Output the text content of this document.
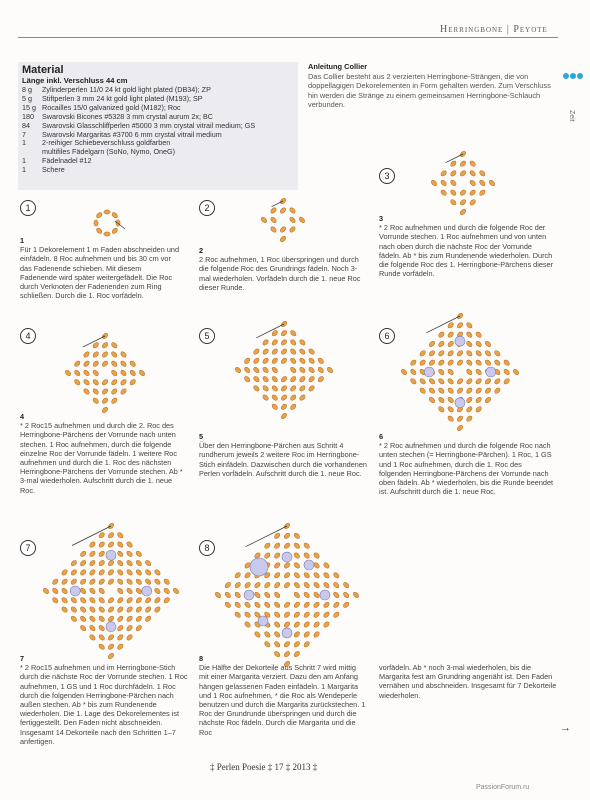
Herringbone | Peyote
Zeit
Material
Länge inkl. Verschluss 44 cm
8 g	Zylinderperlen 11/0 24 kt gold light plated (DB34); ZP
5 g	Stiftperlen 3 mm 24 kt gold light plated (M193); SP
15 g	Rocailles 15/0 galvanized gold (M182); Roc
180	Swarovski Bicones #5328 3 mm crystal aurum 2x; BC
84	Swarovski Glasschliffperlen #5000 3 mm crystal vitrail medium; GS
7	Swarovski Margaritas #3700 6 mm crystal vitrail medium
1	2-reihiger Schiebeverschluss goldfarben
	multifiles Fädelgarn (SoNo, Nymo, OneG)
1	Fädelnadel #12
1	Schere
Anleitung Collier
Das Collier besteht aus 2 verzierten Herringbone-Strängen, die von doppellagigen Dekorelementen in Form gehalten werden. Zum Verschluss hin werden die Stränge zu einem gemeinsamen Herringbone-Schlauch verbunden.
1	2
3
4	5	6
7	8
1
Für 1 Dekorelement 1 m Faden abschneiden und einfädeln. 8 Roc aufnehmen und bis 30 cm vor das Fadenende schieben. Mit diesem Fadenende wird später weitergefädelt. Die Roc durch Verknoten der Fadenenden zum Ring schließen. Durch die 1. Roc vorfädeln.
2
2 Roc aufnehmen, 1 Roc überspringen und durch die folgende Roc des Grundrings fädeln. Noch 3-mal wiederholen. Vorfädeln durch die 1. neue Roc dieser Runde.
3
* 2 Roc aufnehmen und durch die folgende Roc der Vorrunde stechen. 1 Roc aufnehmen und von unten nach oben durch die nächste Roc der Vorrunde fädeln. Ab * bis zum Rundenende wiederholen. Durch die folgende Roc des 1. Herringbone-Pärchens dieser Runde vorfädeln.
4
* 2 Roc15 aufnehmen und durch die 2. Roc des Herringbone-Pärchens der Vorrunde nach unten stechen. 1 Roc aufnehmen, durch die folgende einzelne Roc der Vorrunde fädeln. 1 weitere Roc aufnehmen und durch die 1. Roc des nächsten Herringbone-Pärchens der Vorrunde stechen. Ab * 3-mal wiederholen. Aufschritt durch die 1. neue Roc.
5
Über den Herringbone-Pärchen aus Schritt 4 rundherum jeweils 2 weitere Roc im Herringbone-Stich einfädeln. Dazwischen durch die vorhandenen Perlen vorfädeln. Aufschritt durch die 1. neue Roc.
6
* 2 Roc aufnehmen und durch die folgende Roc nach unten stechen (= Herringbone-Pärchen). 1 Roc, 1 GS und 1 Roc aufnehmen, durch die 1. Roc des folgenden Herringbone-Pärchens der Vorrunde nach oben fädeln. Ab * wiederholen, bis die Runde beendet ist. Aufschritt durch die 1. neue Roc.
7
* 2 Roc15 aufnehmen und im Herringbone-Stich durch die nächste Roc der Vorrunde stechen. 1 Roc aufnehmen, 1 GS und 1 Roc durchfädeln. 1 Roc durch die folgenden Herringbone-Pärchen nach außen stechen. Ab * bis zum Rundenende wiederholen. Die 1. Lage des Dekorelementes ist fertiggestellt. Den Faden nicht abschneiden. Insgesamt 14 Dekorteile nach den Schritten 1–7 anfertigen.
8
Die Hälfte der Dekorteile aus Schritt 7 wird mittig mit einer Margarita verziert. Dazu den am Anfang hängen gelassenen Faden einfädeln. 1 Margarita und 1 Roc aufnehmen, * die Roc als Wendeperle benutzen und durch die Margarita zurückstechen. 1 Roc der Grundrunde überspringen und durch die nächste Roc fädeln. Durch die Margarita und die Roc
vorfädeln. Ab * noch 3-mal wiederholen, bis die Margarita fest am Grundring angenäht ist. Den Faden vernähen und abschneiden. Insgesamt für 7 Dekorteile wiederholen.
→
‡ Perlen Poesie ‡ 17 ‡ 2013 ‡
PassionForum.ru
